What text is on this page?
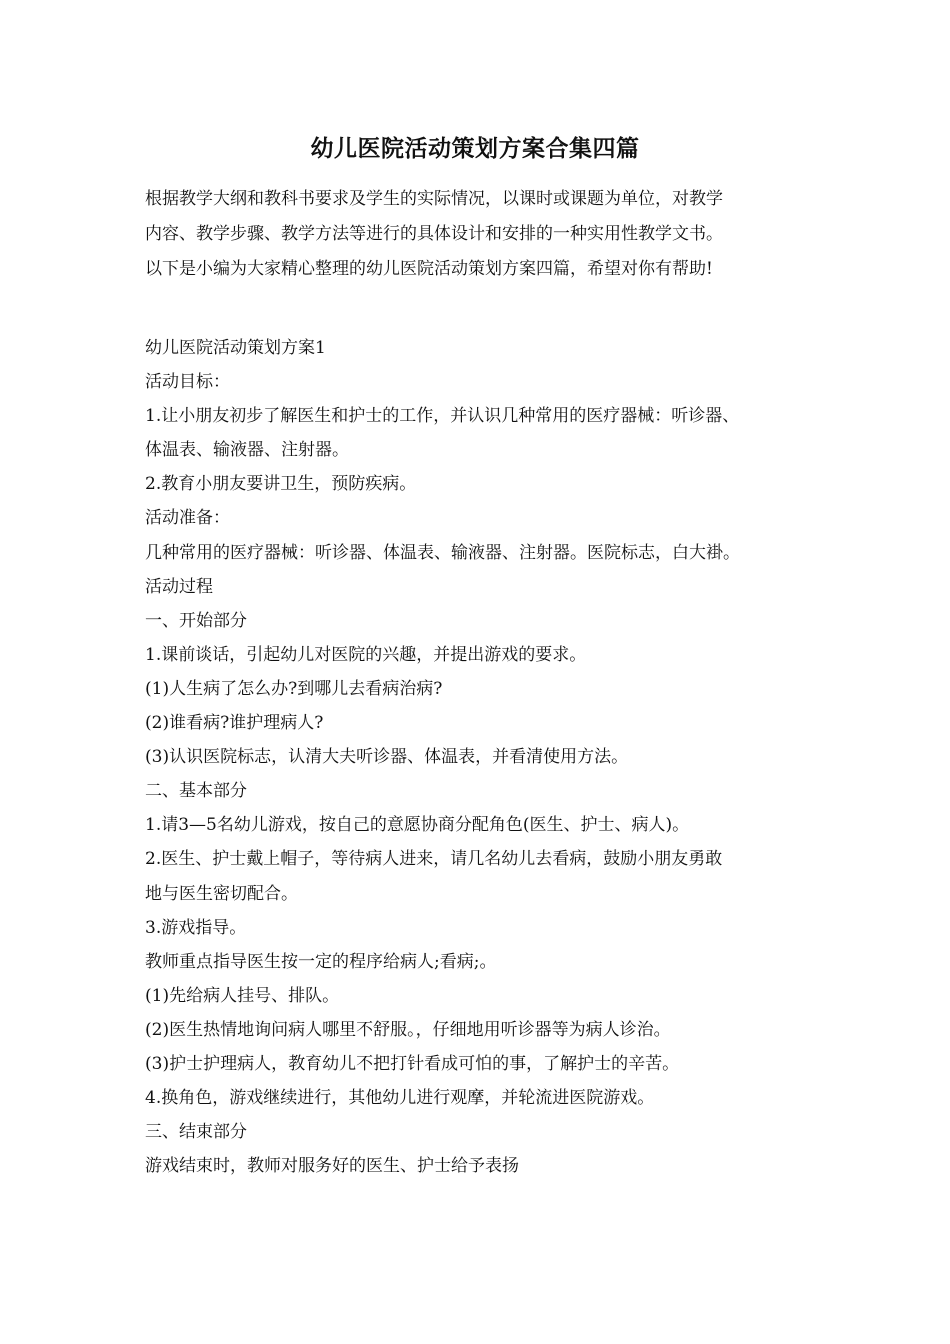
幼儿医院活动策划方案合集四篇

根据教学大纲和教科书要求及学生的实际情况，以课时或课题为单位，对教学

内容、教学步骤、教学方法等进行的具体设计和安排的一种实用性教学文书。

以下是小编为大家精心整理的幼儿医院活动策划方案四篇，希望对你有帮助!

幼儿医院活动策划方案1

活动目标：

1.让小朋友初步了解医生和护士的工作，并认识几种常用的医疗器械：听诊器、

体温表、输液器、注射器。

2.教育小朋友要讲卫生，预防疾病。

活动准备：

几种常用的医疗器械：听诊器、体温表、输液器、注射器。医院标志，白大褂。

活动过程

一、开始部分

1.课前谈话，引起幼儿对医院的兴趣，并提出游戏的要求。

(1)人生病了怎么办?到哪儿去看病治病?

(2)谁看病?谁护理病人?

(3)认识医院标志，认清大夫听诊器、体温表，并看清使用方法。

二、基本部分

1.请3—5名幼儿游戏，按自己的意愿协商分配角色(医生、护士、病人)。

2.医生、护士戴上帽子，等待病人进来，请几名幼儿去看病，鼓励小朋友勇敢

地与医生密切配合。

3.游戏指导。

教师重点指导医生按一定的程序给病人;看病;。

(1)先给病人挂号、排队。

(2)医生热情地询问病人哪里不舒服。，仔细地用听诊器等为病人诊治。

(3)护士护理病人，教育幼儿不把打针看成可怕的事，了解护士的辛苦。

4.换角色，游戏继续进行，其他幼儿进行观摩，并轮流进医院游戏。

三、结束部分

游戏结束时，教师对服务好的医生、护士给予表扬
